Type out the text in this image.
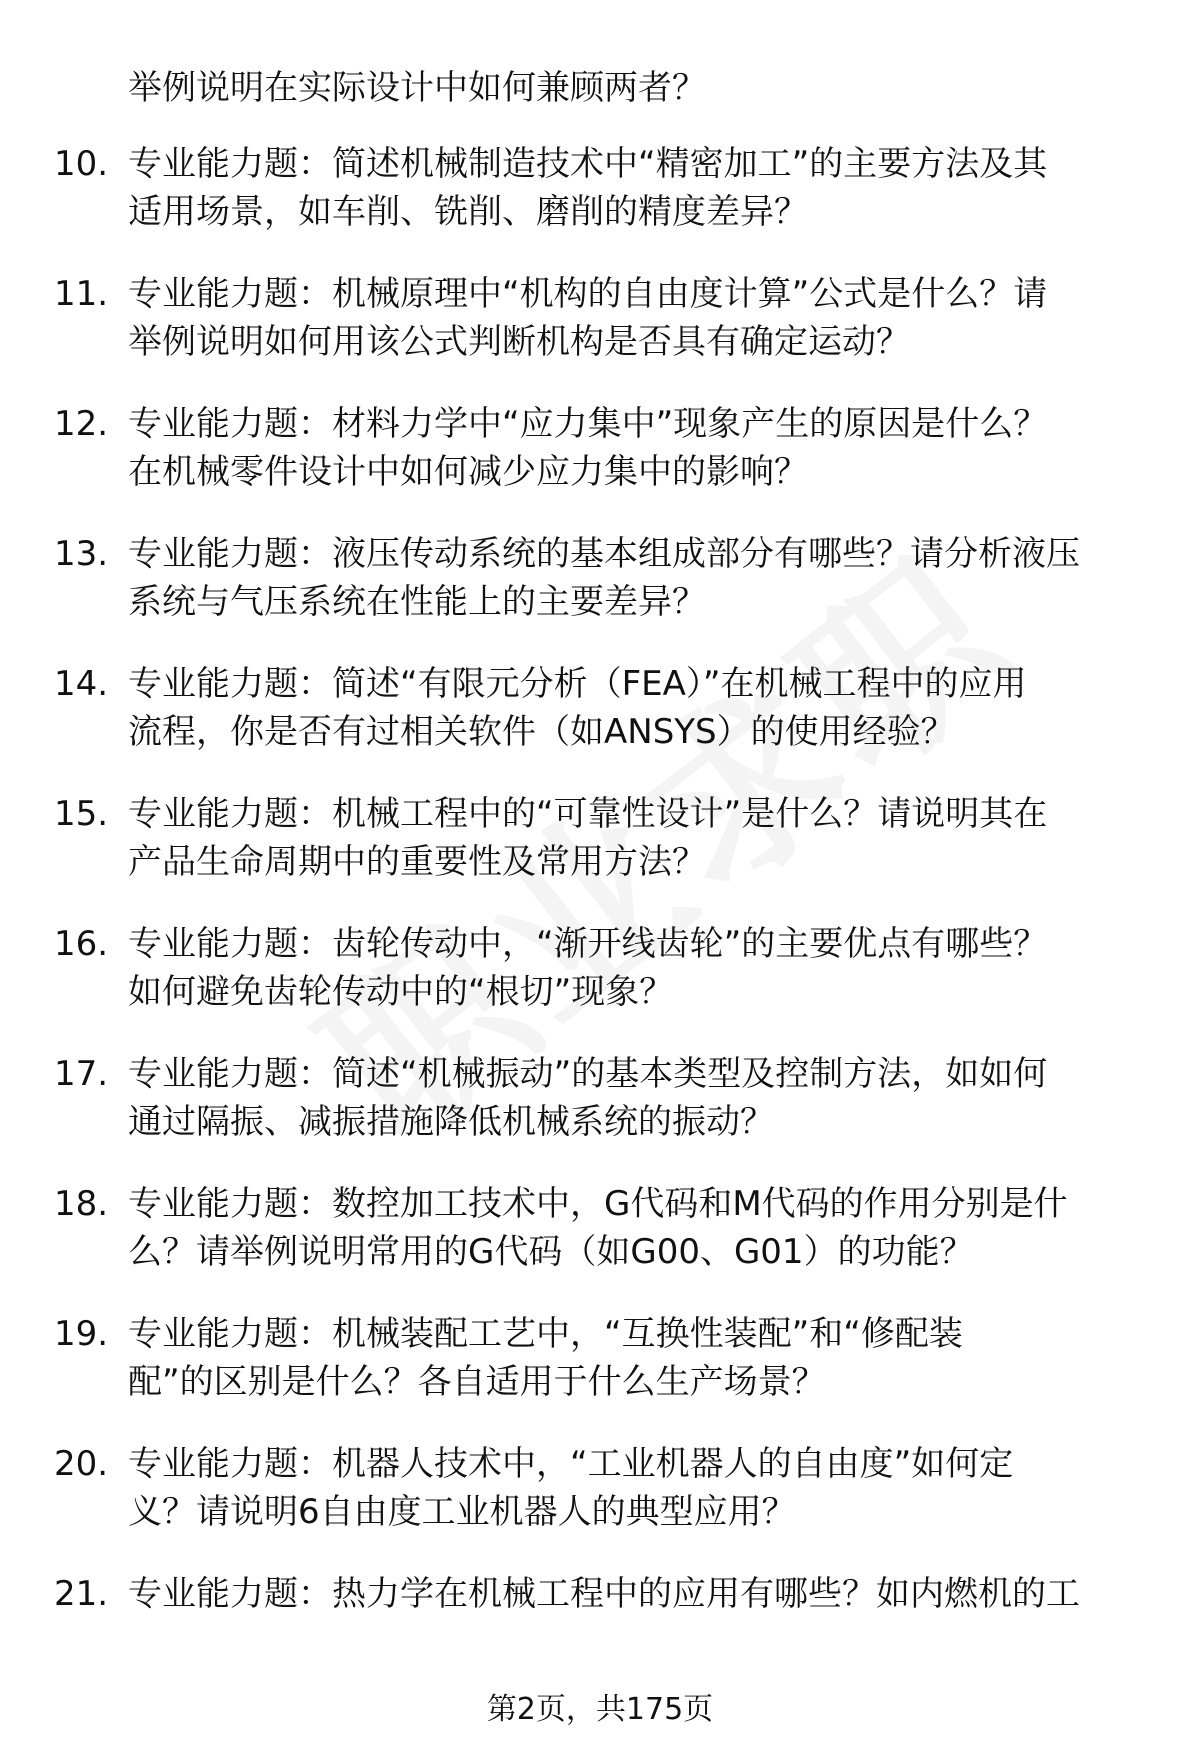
举例说明在实际设计中如何兼顾两者？
10. 专业能力题：简述机械制造技术中“精密加工”的主要方法及其
适用场景，如车削、铣削、磨削的精度差异？
11. 专业能力题：机械原理中“机构的自由度计算”公式是什么？请
举例说明如何用该公式判断机构是否具有确定运动？
12. 专业能力题：材料力学中“应力集中”现象产生的原因是什么？
在机械零件设计中如何减少应力集中的影响？
13. 专业能力题：液压传动系统的基本组成部分有哪些？请分析液压
系统与气压系统在性能上的主要差异？
14. 专业能力题：简述“有限元分析（FEA）”在机械工程中的应用
流程，你是否有过相关软件（如ANSYS）的使用经验？
15. 专业能力题：机械工程中的“可靠性设计”是什么？请说明其在
产品生命周期中的重要性及常用方法？
16. 专业能力题：齿轮传动中，“渐开线齿轮”的主要优点有哪些？
如何避免齿轮传动中的“根切”现象？
17. 专业能力题：简述“机械振动”的基本类型及控制方法，如如何
通过隔振、减振措施降低机械系统的振动？
18. 专业能力题：数控加工技术中，G代码和M代码的作用分别是什
么？请举例说明常用的G代码（如G00、G01）的功能？
19. 专业能力题：机械装配工艺中，“互换性装配”和“修配装
配”的区别是什么？各自适用于什么生产场景？
20. 专业能力题：机器人技术中，“工业机器人的自由度”如何定
义？请说明6自由度工业机器人的典型应用？
21. 专业能力题：热力学在机械工程中的应用有哪些？如内燃机的工
第2页，共175页
